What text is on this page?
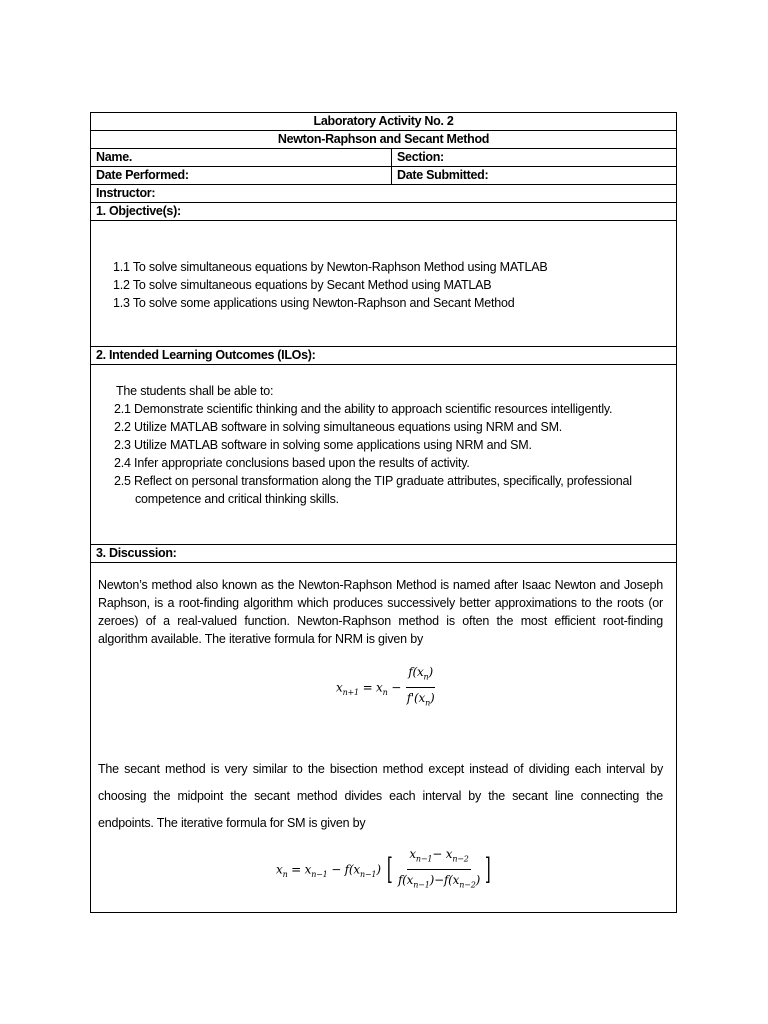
Laboratory Activity No. 2
Newton-Raphson and Secant Method
Name.	Section:
Date Performed:	Date Submitted:
Instructor:
1. Objective(s):
1.1 To solve simultaneous equations by Newton-Raphson Method using MATLAB
1.2 To solve simultaneous equations by Secant Method using MATLAB
1.3 To solve some applications using Newton-Raphson and Secant Method
2. Intended Learning Outcomes (ILOs):
The students shall be able to:
2.1 Demonstrate scientific thinking and the ability to approach scientific resources intelligently.
2.2 Utilize MATLAB software in solving simultaneous equations using NRM and SM.
2.3 Utilize MATLAB software in solving some applications using NRM and SM.
2.4 Infer appropriate conclusions based upon the results of activity.
2.5 Reflect on personal transformation along the TIP graduate attributes, specifically, professional
competence and critical thinking skills.
3. Discussion:
Newton’s method also known as the Newton-Raphson Method is named after Isaac Newton and Joseph Raphson, is a root-finding algorithm which produces successively better approximations to the roots (or zeroes) of a real-valued function. Newton-Raphson method is often the most efficient root-finding algorithm available. The iterative formula for NRM is given by
$x_{n+1} = x_n - \frac{f(x_n)}{f'(x_n)}$
The secant method is very similar to the bisection method except instead of dividing each interval by choosing the midpoint the secant method divides each interval by the secant line connecting the endpoints. The iterative formula for SM is given by
$x_n = x_{n-1} - f(x_{n-1})$ [ $\frac{x_{n-1}- x_{n-2}}{f(x_{n-1})-f(x_{n-2})}$ ]
